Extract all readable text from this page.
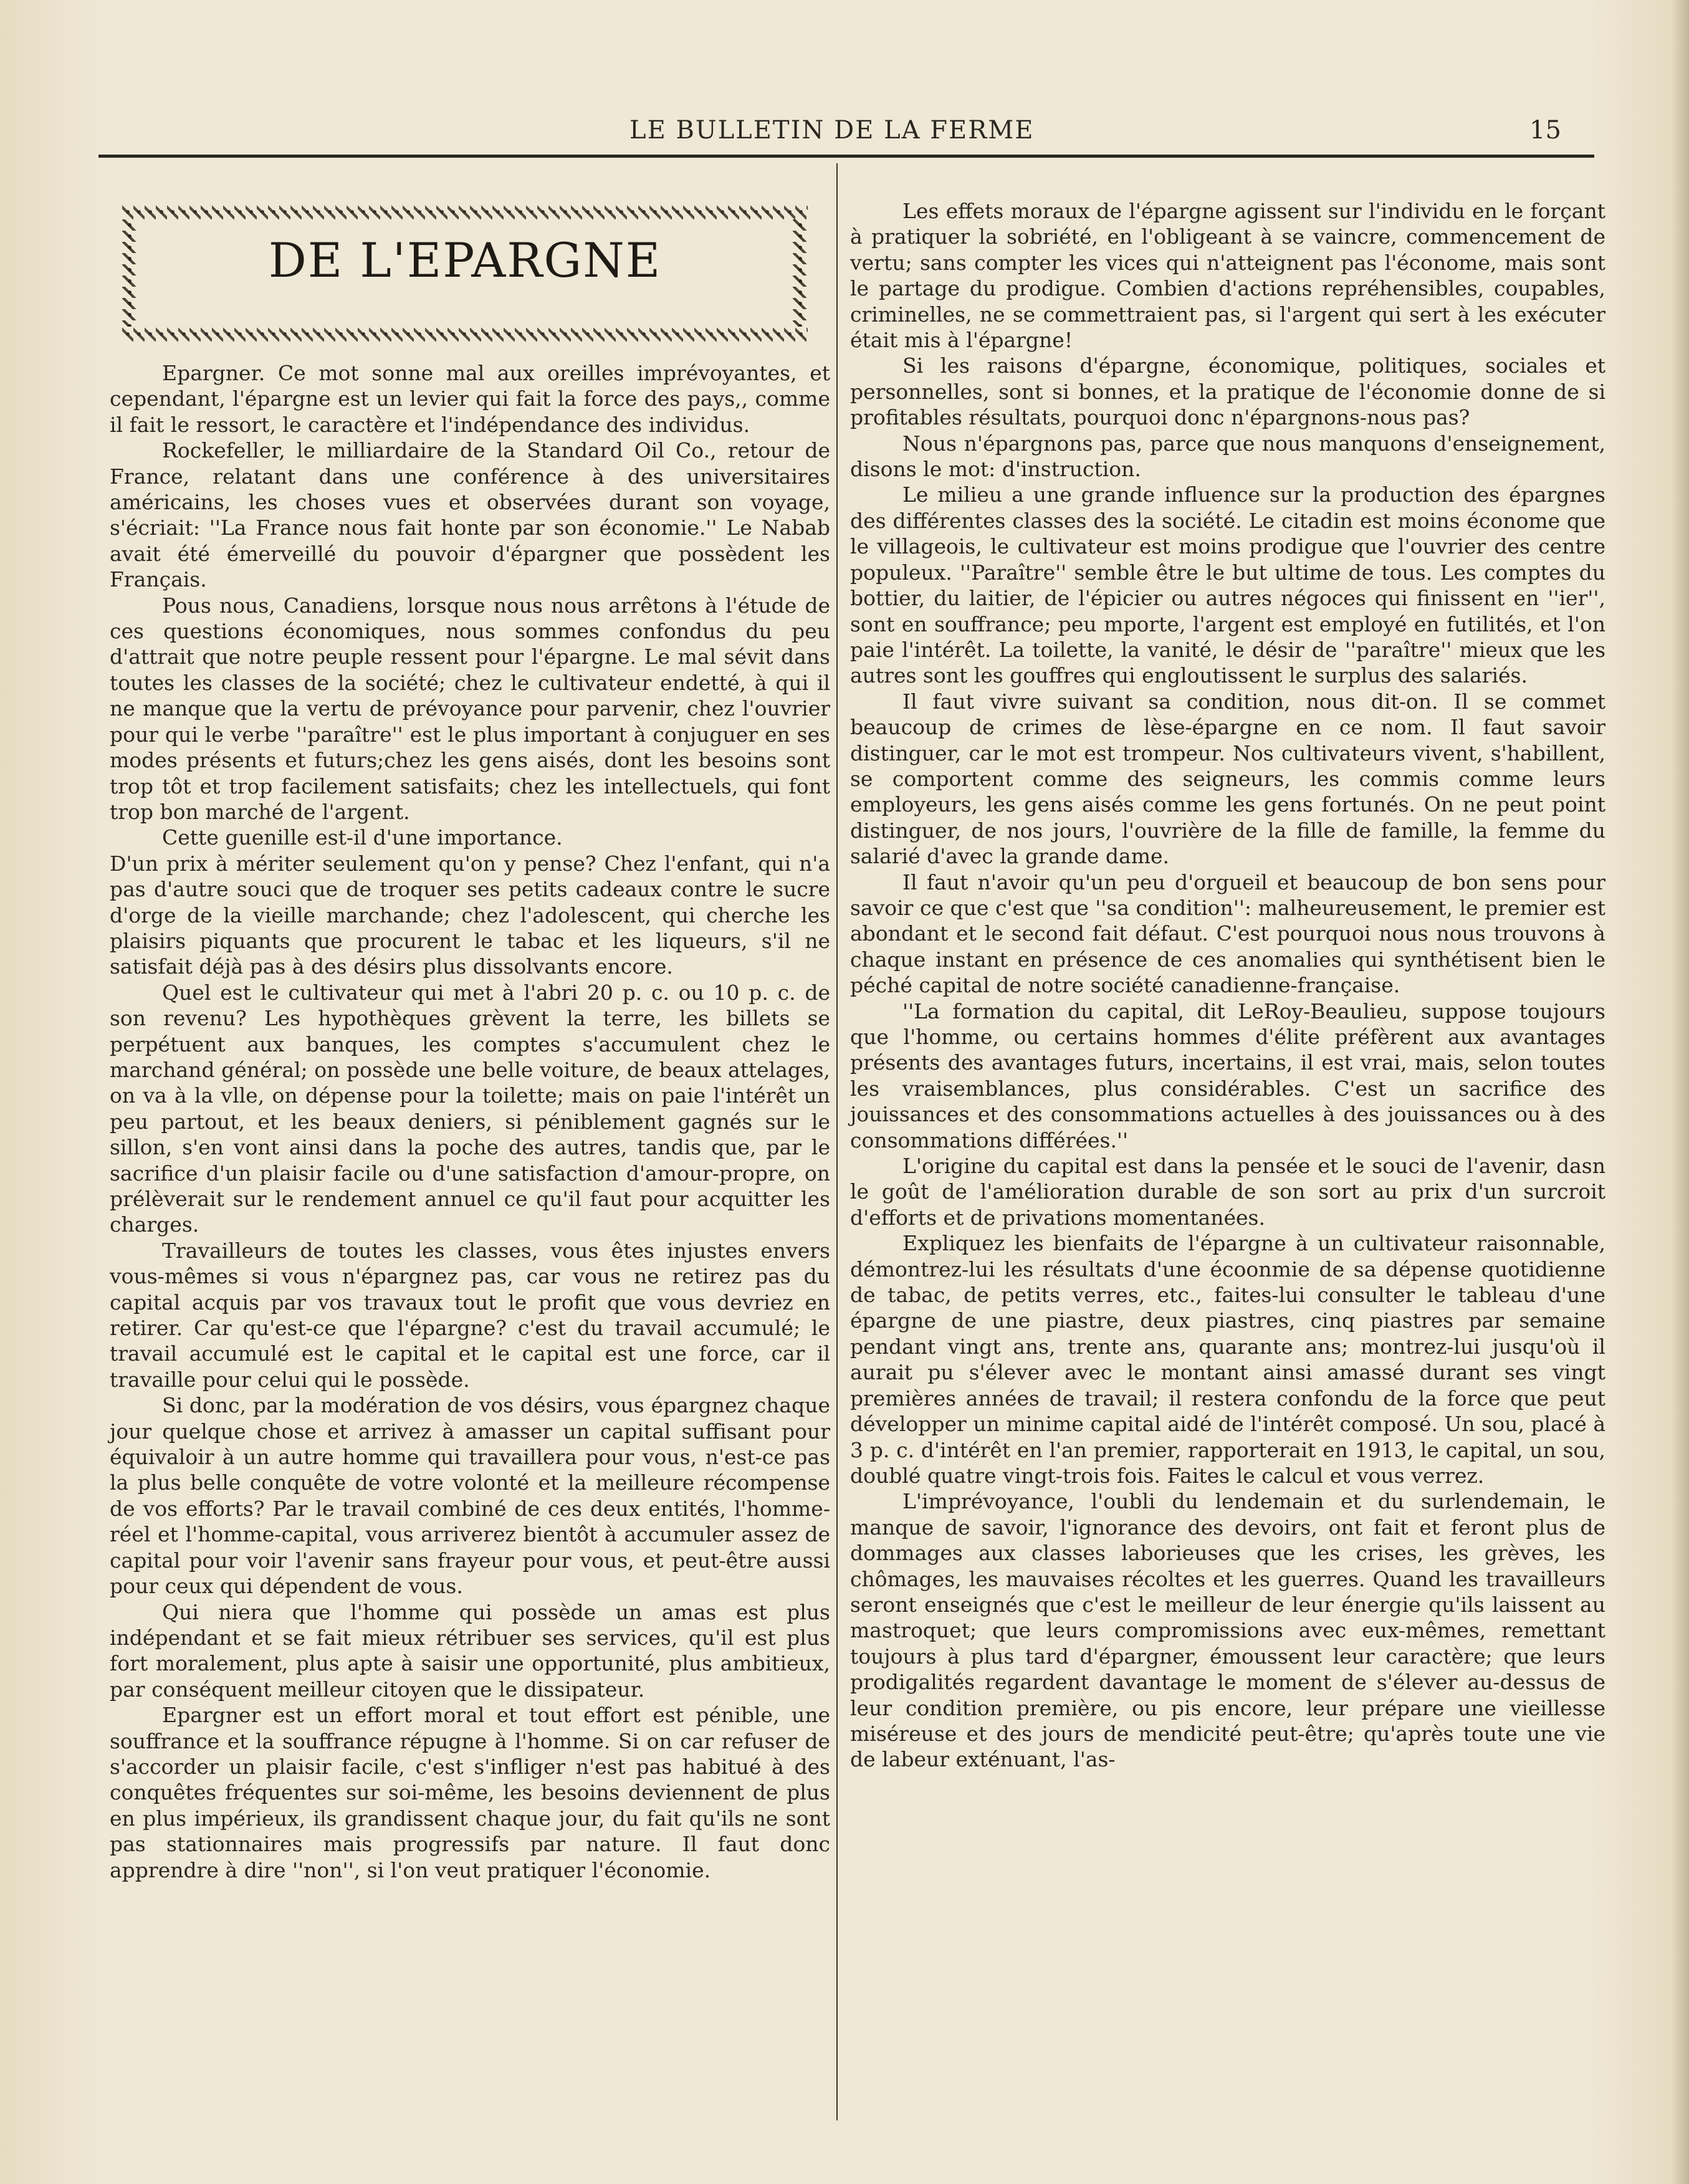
LE BULLETIN DE LA FERME	15
DE L'EPARGNE

Epargner. Ce mot sonne mal aux oreilles imprévoyantes, et cependant, l'épargne est un levier qui fait la force des pays,, comme il fait le ressort, le caractère et l'indépendance des individus.

Rockefeller, le milliardaire de la Standard Oil Co., retour de France, relatant dans une conférence à des universitaires américains, les choses vues et observées durant son voyage, s'écriait: ''La France nous fait honte par son économie.'' Le Nabab avait été émerveillé du pouvoir d'épargner que possèdent les Français.

Pous nous, Canadiens, lorsque nous nous arrêtons à l'étude de ces questions économiques, nous sommes confondus du peu d'attrait que notre peuple ressent pour l'épargne. Le mal sévit dans toutes les classes de la société; chez le cultivateur endetté, à qui il ne manque que la vertu de prévoyance pour parvenir, chez l'ouvrier pour qui le verbe ''paraître'' est le plus important à conjuguer en ses modes présents et futurs;chez les gens aisés, dont les besoins sont trop tôt et trop facilement satisfaits; chez les intellectuels, qui font trop bon marché de l'argent.

Cette guenille est-il d'une importance.

D'un prix à mériter seulement qu'on y pense? Chez l'enfant, qui n'a pas d'autre souci que de troquer ses petits cadeaux contre le sucre d'orge de la vieille marchande; chez l'adolescent, qui cherche les plaisirs piquants que procurent le tabac et les liqueurs, s'il ne satisfait déjà pas à des désirs plus dissolvants encore.

Quel est le cultivateur qui met à l'abri 20 p. c. ou 10 p. c. de son revenu? Les hypothèques grèvent la terre, les billets se perpétuent aux banques, les comptes s'accumulent chez le marchand général; on possède une belle voiture, de beaux attelages, on va à la vlle, on dépense pour la toilette; mais on paie l'intérêt un peu partout, et les beaux deniers, si péniblement gagnés sur le sillon, s'en vont ainsi dans la poche des autres, tandis que, par le sacrifice d'un plaisir facile ou d'une satisfaction d'amour-propre, on prélèverait sur le rendement annuel ce qu'il faut pour acquitter les charges.

Travailleurs de toutes les classes, vous êtes injustes envers vous-mêmes si vous n'épargnez pas, car vous ne retirez pas du capital acquis par vos travaux tout le profit que vous devriez en retirer. Car qu'est-ce que l'épargne? c'est du travail accumulé; le travail accumulé est le capital et le capital est une force, car il travaille pour celui qui le possède.

Si donc, par la modération de vos désirs, vous épargnez chaque jour quelque chose et arrivez à amasser un capital suffisant pour équivaloir à un autre homme qui travaillera pour vous, n'est-ce pas la plus belle conquête de votre volonté et la meilleure récompense de vos efforts? Par le travail combiné de ces deux entités, l'homme-réel et l'homme-capital, vous arriverez bientôt à accumuler assez de capital pour voir l'avenir sans frayeur pour vous, et peut-être aussi pour ceux qui dépendent de vous.

Qui niera que l'homme qui possède un amas est plus indépendant et se fait mieux rétribuer ses services, qu'il est plus fort moralement, plus apte à saisir une opportunité, plus ambitieux, par conséquent meilleur citoyen que le dissipateur.

Epargner est un effort moral et tout effort est pénible, une souffrance et la souffrance répugne à l'homme. Si on car refuser de s'accorder un plaisir facile, c'est s'infliger n'est pas habitué à des conquêtes fréquentes sur soi-même, les besoins deviennent de plus en plus impérieux, ils grandissent chaque jour, du fait qu'ils ne sont pas stationnaires mais progressifs par nature. Il faut donc apprendre à dire ''non'', si l'on veut pratiquer l'économie.

Les effets moraux de l'épargne agissent sur l'individu en le forçant à pratiquer la sobriété, en l'obligeant à se vaincre, commencement de vertu; sans compter les vices qui n'atteignent pas l'économe, mais sont le partage du prodigue. Combien d'actions repréhensibles, coupables, criminelles, ne se commettraient pas, si l'argent qui sert à les exécuter était mis à l'épargne!

Si les raisons d'épargne, économique, politiques, sociales et personnelles, sont si bonnes, et la pratique de l'économie donne de si profitables résultats, pourquoi donc n'épargnons-nous pas?

Nous n'épargnons pas, parce que nous manquons d'enseignement, disons le mot: d'instruction.

Le milieu a une grande influence sur la production des épargnes des différentes classes des la société. Le citadin est moins économe que le villageois, le cultivateur est moins prodigue que l'ouvrier des centre populeux. ''Paraître'' semble être le but ultime de tous. Les comptes du bottier, du laitier, de l'épicier ou autres négoces qui finissent en ''ier'', sont en souffrance; peu mporte, l'argent est employé en futilités, et l'on paie l'intérêt. La toilette, la vanité, le désir de ''paraître'' mieux que les autres sont les gouffres qui engloutissent le surplus des salariés.

Il faut vivre suivant sa condition, nous dit-on. Il se commet beaucoup de crimes de lèse-épargne en ce nom. Il faut savoir distinguer, car le mot est trompeur. Nos cultivateurs vivent, s'habillent, se comportent comme des seigneurs, les commis comme leurs employeurs, les gens aisés comme les gens fortunés. On ne peut point distinguer, de nos jours, l'ouvrière de la fille de famille, la femme du salarié d'avec la grande dame.

Il faut n'avoir qu'un peu d'orgueil et beaucoup de bon sens pour savoir ce que c'est que ''sa condition'': malheureusement, le premier est abondant et le second fait défaut. C'est pourquoi nous nous trouvons à chaque instant en présence de ces anomalies qui synthétisent bien le péché capital de notre société canadienne-française.

''La formation du capital, dit LeRoy-Beaulieu, suppose toujours que l'homme, ou certains hommes d'élite préfèrent aux avantages présents des avantages futurs, incertains, il est vrai, mais, selon toutes les vraisemblances, plus considérables. C'est un sacrifice des jouissances et des consommations actuelles à des jouissances ou à des consommations différées.''

L'origine du capital est dans la pensée et le souci de l'avenir, dasn le goût de l'amélioration durable de son sort au prix d'un surcroit d'efforts et de privations momentanées.

Expliquez les bienfaits de l'épargne à un cultivateur raisonnable, démontrez-lui les résultats d'une écoonmie de sa dépense quotidienne de tabac, de petits verres, etc., faites-lui consulter le tableau d'une épargne de une piastre, deux piastres, cinq piastres par semaine pendant vingt ans, trente ans, quarante ans; montrez-lui jusqu'où il aurait pu s'élever avec le montant ainsi amassé durant ses vingt premières années de travail; il restera confondu de la force que peut développer un minime capital aidé de l'intérêt composé. Un sou, placé à 3 p. c. d'intérêt en l'an premier, rapporterait en 1913, le capital, un sou, doublé quatre vingt-trois fois. Faites le calcul et vous verrez.

L'imprévoyance, l'oubli du lendemain et du surlendemain, le manque de savoir, l'ignorance des devoirs, ont fait et feront plus de dommages aux classes laborieuses que les crises, les grèves, les chômages, les mauvaises récoltes et les guerres. Quand les travailleurs seront enseignés que c'est le meilleur de leur énergie qu'ils laissent au mastroquet; que leurs compromissions avec eux-mêmes, remettant toujours à plus tard d'épargner, émoussent leur caractère; que leurs prodigalités regardent davantage le moment de s'élever au-dessus de leur condition première, ou pis encore, leur prépare une vieillesse miséreuse et des jours de mendicité peut-être; qu'après toute une vie de labeur exténuant, l'as-
